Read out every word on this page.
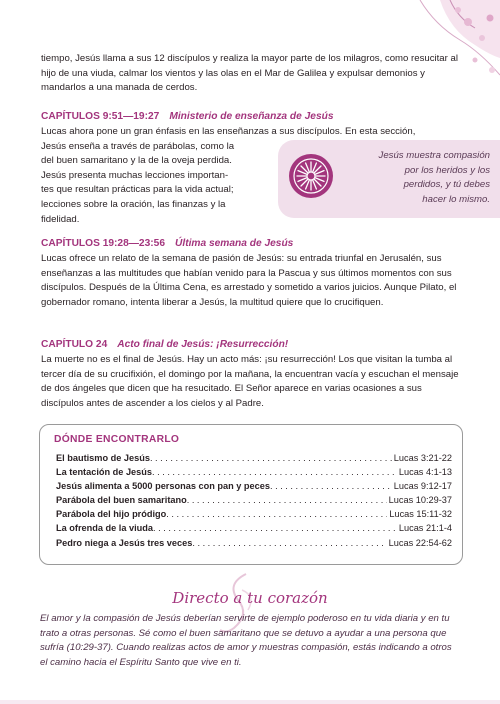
tiempo, Jesús llama a sus 12 discípulos y realiza la mayor parte de los milagros, como resucitar al hijo de una viuda, calmar los vientos y las olas en el Mar de Galilea y expulsar demonios y mandarlos a una manada de cerdos.

CAPÍTULOS 9:51—19:27 Ministerio de enseñanza de Jesús
Lucas ahora pone un gran énfasis en las enseñanzas a sus discípulos. En esta sección,
Jesús enseña a través de parábolas, como la
del buen samaritano y la de la oveja perdida.
Jesús presenta muchas lecciones importan-
tes que resultan prácticas para la vida actual;
lecciones sobre la oración, las finanzas y la
fidelidad.
Jesús muestra compasión
por los heridos y los
perdidos, y tú debes
hacer lo mismo.
CAPÍTULOS 19:28—23:56 Última semana de Jesús

Lucas ofrece un relato de la semana de pasión de Jesús: su entrada triunfal en Jerusalén, sus enseñanzas a las multitudes que habían venido para la Pascua y sus últimos momentos con sus discípulos. Después de la Última Cena, es arrestado y sometido a varios juicios. Aunque Pilato, el gobernador romano, intenta liberar a Jesús, la multitud quiere que lo crucifiquen.

CAPÍTULO 24 Acto final de Jesús: ¡Resurrección!

La muerte no es el final de Jesús. Hay un acto más: ¡su resurrección! Los que visitan la tumba al tercer día de su crucifixión, el domingo por la mañana, la encuentran vacía y escuchan el mensaje de dos ángeles que dicen que ha resucitado. El Señor aparece en varias ocasiones a sus discípulos antes de ascender a los cielos y al Padre.

DÓNDE ENCONTRARLO
El bautismo de Jesús . . .	Lucas 3:21-22
La tentación de Jesús . . .	Lucas 4:1-13
Jesús alimenta a 5000 personas con pan y peces . . .	Lucas 9:12-17
Parábola del buen samaritano . . .	Lucas 10:29-37
Parábola del hijo pródigo . . .	Lucas 15:11-32
La ofrenda de la viuda . . .	Lucas 21:1-4
Pedro niega a Jesús tres veces . . .	Lucas 22:54-62
Directo a tu corazón

El amor y la compasión de Jesús deberían servirte de ejemplo poderoso en tu vida diaria y en tu trato a otras personas. Sé como el buen samaritano que se detuvo a ayudar a una persona que sufría (10:29-37). Cuando realizas actos de amor y muestras compasión, estás indicando a otros el camino hacia el Espíritu Santo que vive en ti.
